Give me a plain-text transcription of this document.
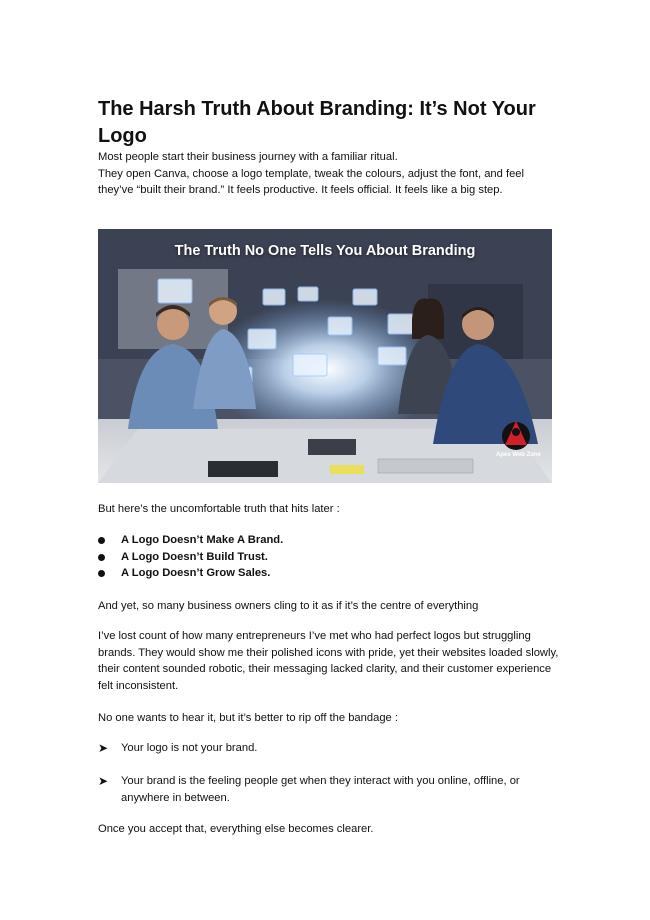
The Harsh Truth About Branding: It’s Not Your Logo

Most people start their business journey with a familiar ritual.

They open Canva, choose a logo template, tweak the colours, adjust the font, and feel they’ve “built their brand.” It feels productive. It feels official. It feels like a big step.

The Truth No One Tells You About Branding
Apex Web Zone
Your Growth Partner

But here’s the uncomfortable truth that hits later :

A Logo Doesn’t Make A Brand.
A Logo Doesn’t Build Trust.
A Logo Doesn’t Grow Sales.

And yet, so many business owners cling to it as if it’s the centre of everything

I’ve lost count of how many entrepreneurs I’ve met who had perfect logos but struggling brands. They would show me their polished icons with pride, yet their websites loaded slowly, their content sounded robotic, their messaging lacked clarity, and their customer experience felt inconsistent.

No one wants to hear it, but it’s better to rip off the bandage :

➤ Your logo is not your brand.
➤ Your brand is the feeling people get when they interact with you online, offline, or anywhere in between.

Once you accept that, everything else becomes clearer.
